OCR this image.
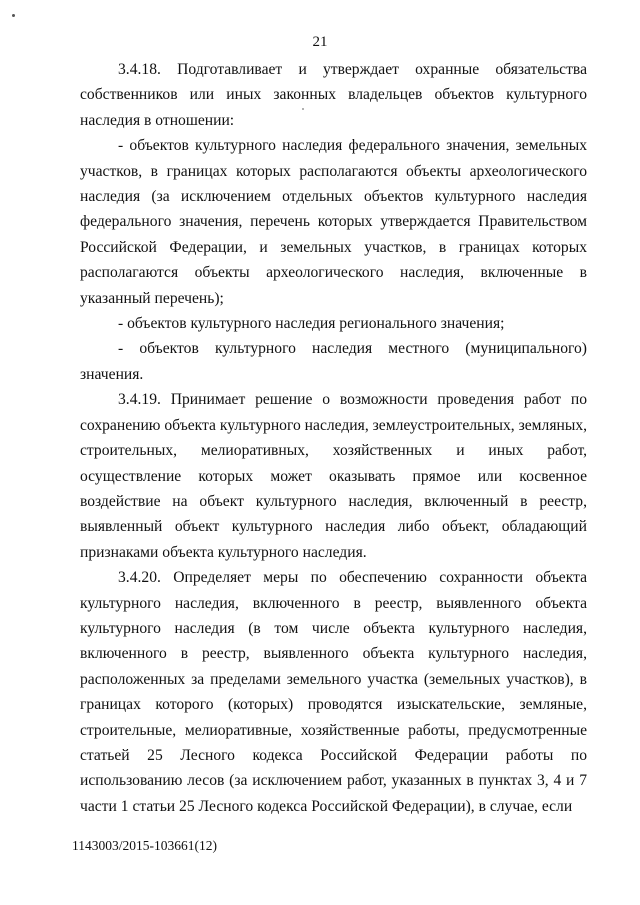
21

3.4.18. Подготавливает и утверждает охранные обязательства собственников или иных законных владельцев объектов культурного наследия в отношении:

- объектов культурного наследия федерального значения, земельных участков, в границах которых располагаются объекты археологического наследия (за исключением отдельных объектов культурного наследия федерального значения, перечень которых утверждается Правительством Российской Федерации, и земельных участков, в границах которых располагаются объекты археологического наследия, включенные в указанный перечень);

- объектов культурного наследия регионального значения;

- объектов культурного наследия местного (муниципального) значения.

3.4.19. Принимает решение о возможности проведения работ по сохранению объекта культурного наследия, землеустроительных, земляных, строительных, мелиоративных, хозяйственных и иных работ, осуществление которых может оказывать прямое или косвенное воздействие на объект культурного наследия, включенный в реестр, выявленный объект культурного наследия либо объект, обладающий признаками объекта культурного наследия.

3.4.20. Определяет меры по обеспечению сохранности объекта культурного наследия, включенного в реестр, выявленного объекта культурного наследия (в том числе объекта культурного наследия, включенного в реестр, выявленного объекта культурного наследия, расположенных за пределами земельного участка (земельных участков), в границах которого (которых) проводятся изыскательские, земляные, строительные, мелиоративные, хозяйственные работы, предусмотренные статьей 25 Лесного кодекса Российской Федерации работы по использованию лесов (за исключением работ, указанных в пунктах 3, 4 и 7 части 1 статьи 25 Лесного кодекса Российской Федерации), в случае, если

1143003/2015-103661(12)
